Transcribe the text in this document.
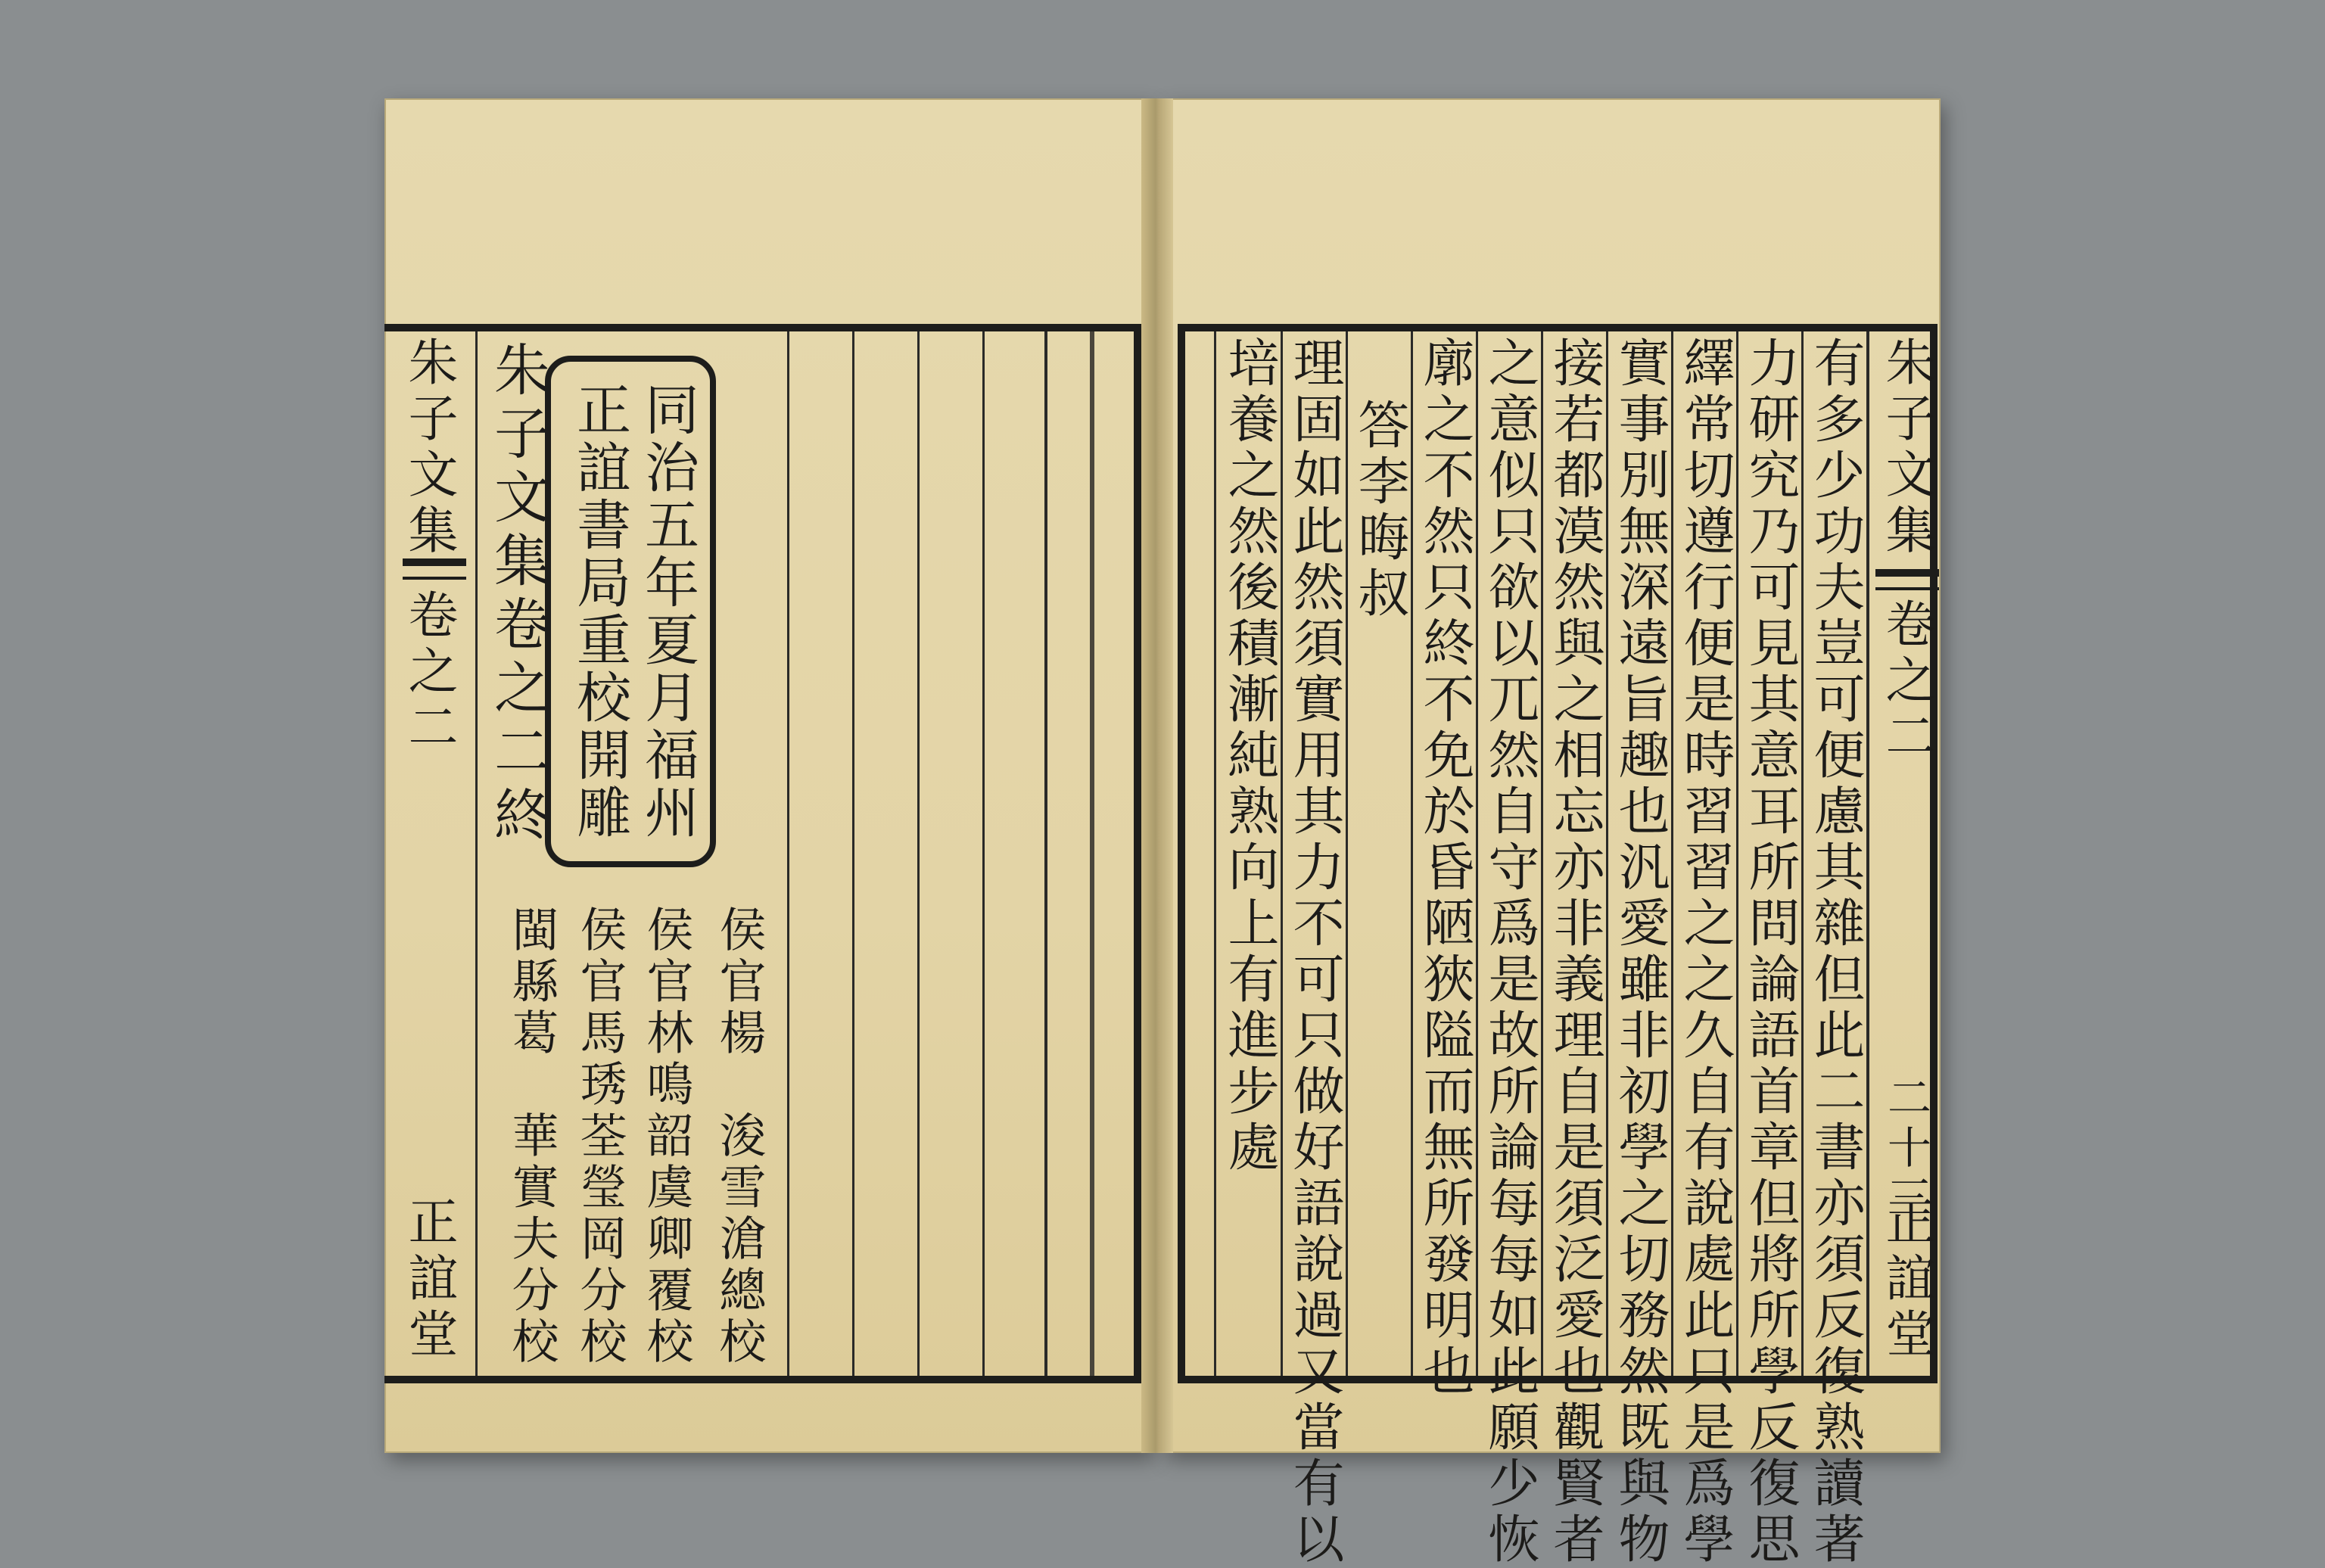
朱子文集
卷之二
正誼堂
朱子文集卷之二終 同治五年夏月福州
正誼書局重校開雕
侯官楊　浚雪滄總校
侯官林鳴韶虞卿覆校
侯官馬琇荃瑩岡分校
閩縣葛　華實夫分校	有多少功夫豈可便慮其雜但此二書亦須反復熟讀著
力研究乃可見其意耳所問論語首章但將所學反復思
繹常切遵行便是時習習之之久自有說處此只是爲學
實事別無深遠旨趣也汎愛雖非初學之切務然既與物
接若都漠然與之相忘亦非義理自是須泛愛也觀賢者
之意似只欲以兀然自守爲是故所論每每如此願少恢
廓之不然只終不免於昏陋狹隘而無所發明也
答李晦叔
理固如此然須實用其力不可只做好語說過又當有以
培養之然後積漸純熟向上有進步處	朱子文集
卷之二
二十三
正誼堂
